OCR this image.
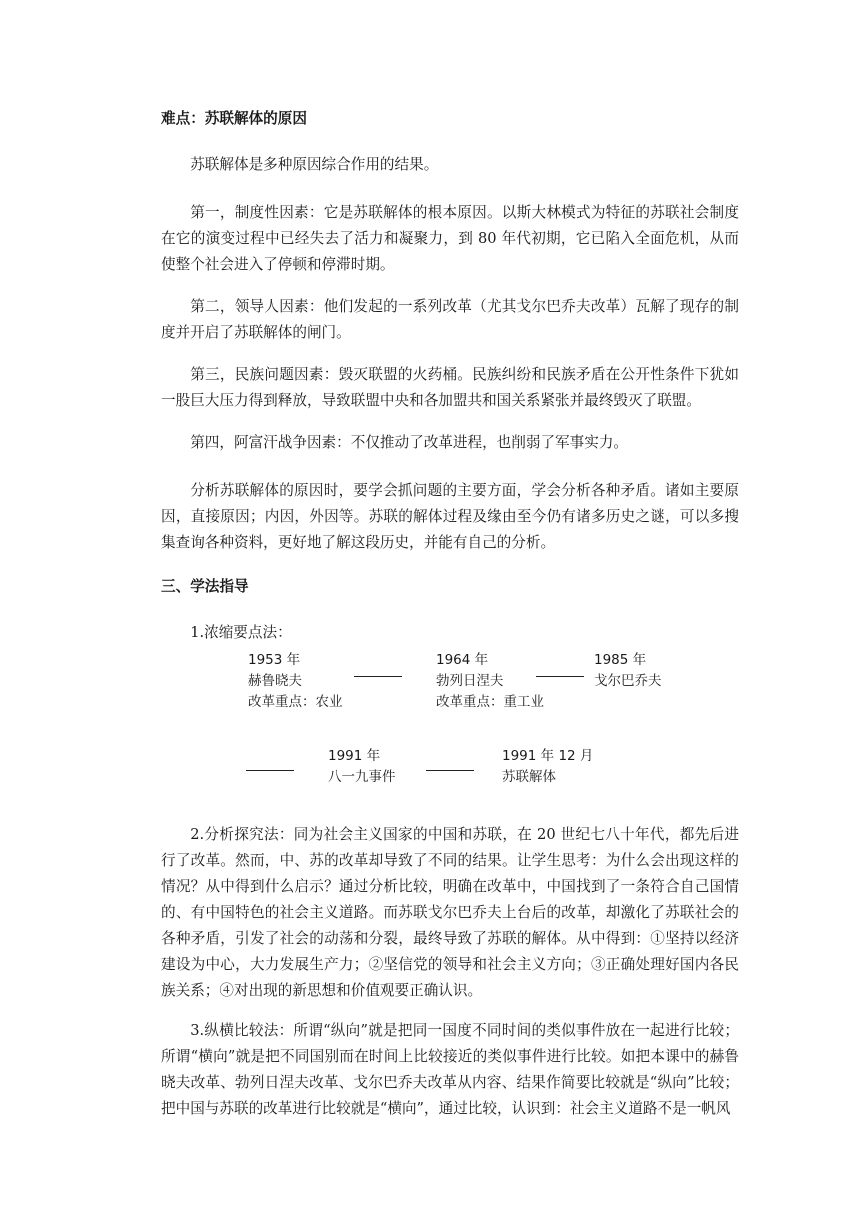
难点：苏联解体的原因

苏联解体是多种原因综合作用的结果。

第一，制度性因素：它是苏联解体的根本原因。以斯大林模式为特征的苏联社会制度在它的演变过程中已经失去了活力和凝聚力，到 80 年代初期，它已陷入全面危机，从而使整个社会进入了停顿和停滞时期。

第二，领导人因素：他们发起的一系列改革（尤其戈尔巴乔夫改革）瓦解了现存的制度并开启了苏联解体的闸门。

第三，民族问题因素：毁灭联盟的火药桶。民族纠纷和民族矛盾在公开性条件下犹如一股巨大压力得到释放，导致联盟中央和各加盟共和国关系紧张并最终毁灭了联盟。

第四，阿富汗战争因素：不仅推动了改革进程，也削弱了军事实力。

分析苏联解体的原因时，要学会抓问题的主要方面，学会分析各种矛盾。诸如主要原因，直接原因；内因，外因等。苏联的解体过程及缘由至今仍有诸多历史之谜，可以多搜集查询各种资料，更好地了解这段历史，并能有自己的分析。

三、学法指导

1.浓缩要点法：

1953 年
赫鲁晓夫
改革重点：农业
1964 年
勃列日涅夫
改革重点：重工业
1985 年
戈尔巴乔夫
1991 年
八一九事件
1991 年 12 月
苏联解体

2.分析探究法：同为社会主义国家的中国和苏联，在 20 世纪七八十年代，都先后进行了改革。然而，中、苏的改革却导致了不同的结果。让学生思考：为什么会出现这样的情况？从中得到什么启示？通过分析比较，明确在改革中，中国找到了一条符合自己国情的、有中国特色的社会主义道路。而苏联戈尔巴乔夫上台后的改革，却激化了苏联社会的各种矛盾，引发了社会的动荡和分裂，最终导致了苏联的解体。从中得到：①坚持以经济建设为中心，大力发展生产力；②坚信党的领导和社会主义方向；③正确处理好国内各民族关系；④对出现的新思想和价值观要正确认识。

3.纵横比较法：所谓“纵向”就是把同一国度不同时间的类似事件放在一起进行比较；所谓“横向”就是把不同国别而在时间上比较接近的类似事件进行比较。如把本课中的赫鲁晓夫改革、勃列日涅夫改革、戈尔巴乔夫改革从内容、结果作简要比较就是“纵向”比较；把中国与苏联的改革进行比较就是“横向”，通过比较，认识到：社会主义道路不是一帆风
